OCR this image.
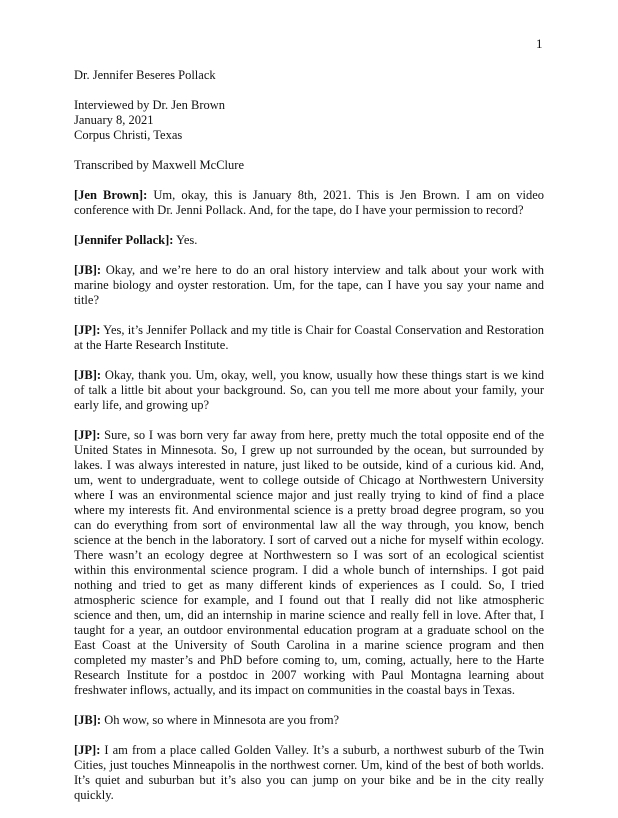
1

Dr. Jennifer Beseres Pollack

Interviewed by Dr. Jen Brown

January 8, 2021

Corpus Christi, Texas

Transcribed by Maxwell McClure

[Jen Brown]: Um, okay, this is January 8th, 2021. This is Jen Brown. I am on video conference with Dr. Jenni Pollack. And, for the tape, do I have your permission to record?

[Jennifer Pollack]: Yes.

[JB]: Okay, and we’re here to do an oral history interview and talk about your work with marine biology and oyster restoration. Um, for the tape, can I have you say your name and title?

[JP]: Yes, it’s Jennifer Pollack and my title is Chair for Coastal Conservation and Restoration at the Harte Research Institute.

[JB]: Okay, thank you. Um, okay, well, you know, usually how these things start is we kind of talk a little bit about your background. So, can you tell me more about your family, your early life, and growing up?

[JP]: Sure, so I was born very far away from here, pretty much the total opposite end of the United States in Minnesota. So, I grew up not surrounded by the ocean, but surrounded by lakes. I was always interested in nature, just liked to be outside, kind of a curious kid. And, um, went to undergraduate, went to college outside of Chicago at Northwestern University where I was an environmental science major and just really trying to kind of find a place where my interests fit. And environmental science is a pretty broad degree program, so you can do everything from sort of environmental law all the way through, you know, bench science at the bench in the laboratory. I sort of carved out a niche for myself within ecology. There wasn’t an ecology degree at Northwestern so I was sort of an ecological scientist within this environmental science program. I did a whole bunch of internships. I got paid nothing and tried to get as many different kinds of experiences as I could. So, I tried atmospheric science for example, and I found out that I really did not like atmospheric science and then, um, did an internship in marine science and really fell in love. After that, I taught for a year, an outdoor environmental education program at a graduate school on the East Coast at the University of South Carolina in a marine science program and then completed my master’s and PhD before coming to, um, coming, actually, here to the Harte Research Institute for a postdoc in 2007 working with Paul Montagna learning about freshwater inflows, actually, and its impact on communities in the coastal bays in Texas.

[JB]: Oh wow, so where in Minnesota are you from?

[JP]: I am from a place called Golden Valley. It’s a suburb, a northwest suburb of the Twin Cities, just touches Minneapolis in the northwest corner. Um, kind of the best of both worlds. It’s quiet and suburban but it’s also you can jump on your bike and be in the city really quickly.
